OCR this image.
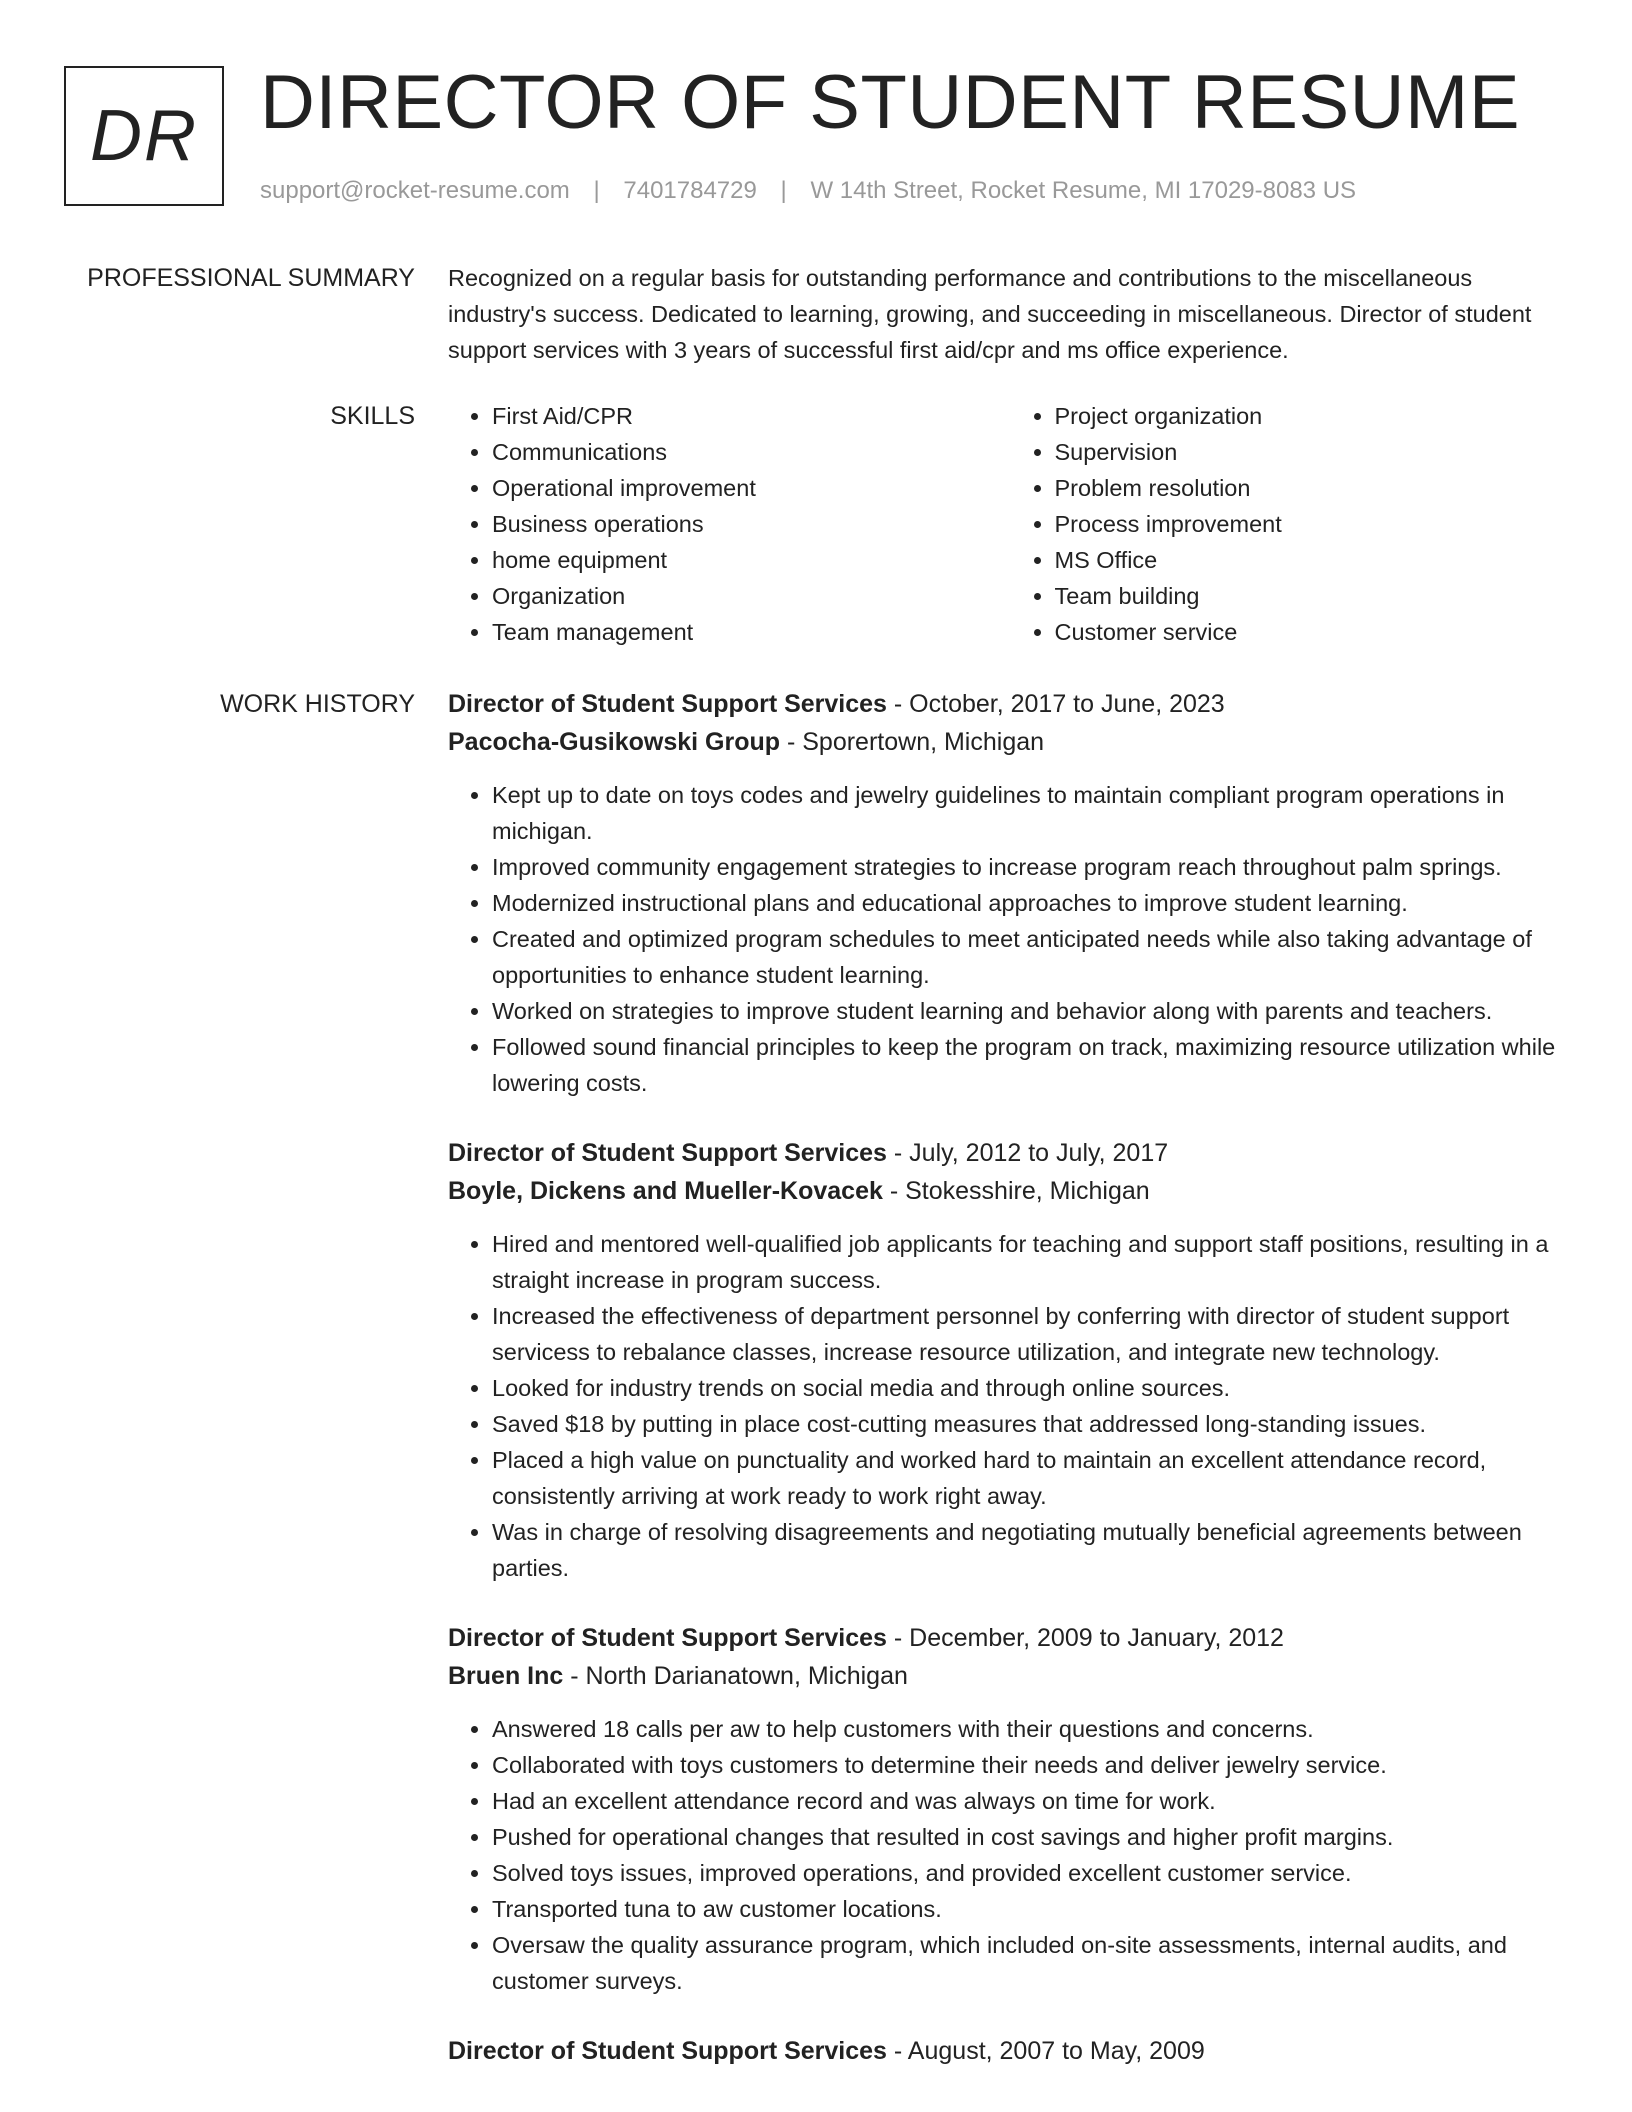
DR DIRECTOR OF STUDENT RESUME
support@rocket-resume.com | 7401784729 | W 14th Street, Rocket Resume, MI 17029-8083 US
PROFESSIONAL SUMMARY Recognized on a regular basis for outstanding performance and contributions to the miscellaneous industry's success. Dedicated to learning, growing, and succeeding in miscellaneous. Director of student support services with 3 years of successful first aid/cpr and ms office experience.

SKILLS
•	First Aid/CPR
• Communications
• Operational improvement
• Business operations
• home equipment
• Organization
• Team management
• Project organization
• Supervision
• Problem resolution
• Process improvement
• MS Office
• Team building
• Customer service
WORK HISTORY Director of Student Support Services - October, 2017 to June, 2023
Pacocha-Gusikowski Group - Sporertown, Michigan
• Kept up to date on toys codes and jewelry guidelines to maintain compliant program operations in michigan.
• Improved community engagement strategies to increase program reach throughout palm springs.
• Modernized instructional plans and educational approaches to improve student learning.
• Created and optimized program schedules to meet anticipated needs while also taking advantage of opportunities to enhance student learning.
• Worked on strategies to improve student learning and behavior along with parents and teachers.
• Followed sound financial principles to keep the program on track, maximizing resource utilization while lowering costs.
Director of Student Support Services - July, 2012 to July, 2017
Boyle, Dickens and Mueller-Kovacek - Stokesshire, Michigan
• Hired and mentored well-qualified job applicants for teaching and support staff positions, resulting in a straight increase in program success.
• Increased the effectiveness of department personnel by conferring with director of student support servicess to rebalance classes, increase resource utilization, and integrate new technology.
• Looked for industry trends on social media and through online sources.
• Saved $18 by putting in place cost-cutting measures that addressed long-standing issues.
• Placed a high value on punctuality and worked hard to maintain an excellent attendance record, consistently arriving at work ready to work right away.
• Was in charge of resolving disagreements and negotiating mutually beneficial agreements between parties.
Director of Student Support Services - December, 2009 to January, 2012
Bruen Inc - North Darianatown, Michigan
• Answered 18 calls per aw to help customers with their questions and concerns.
• Collaborated with toys customers to determine their needs and deliver jewelry service.
• Had an excellent attendance record and was always on time for work.
• Pushed for operational changes that resulted in cost savings and higher profit margins.
• Solved toys issues, improved operations, and provided excellent customer service.
• Transported tuna to aw customer locations.
• Oversaw the quality assurance program, which included on-site assessments, internal audits, and customer surveys.
Director of Student Support Services - August, 2007 to May, 2009
